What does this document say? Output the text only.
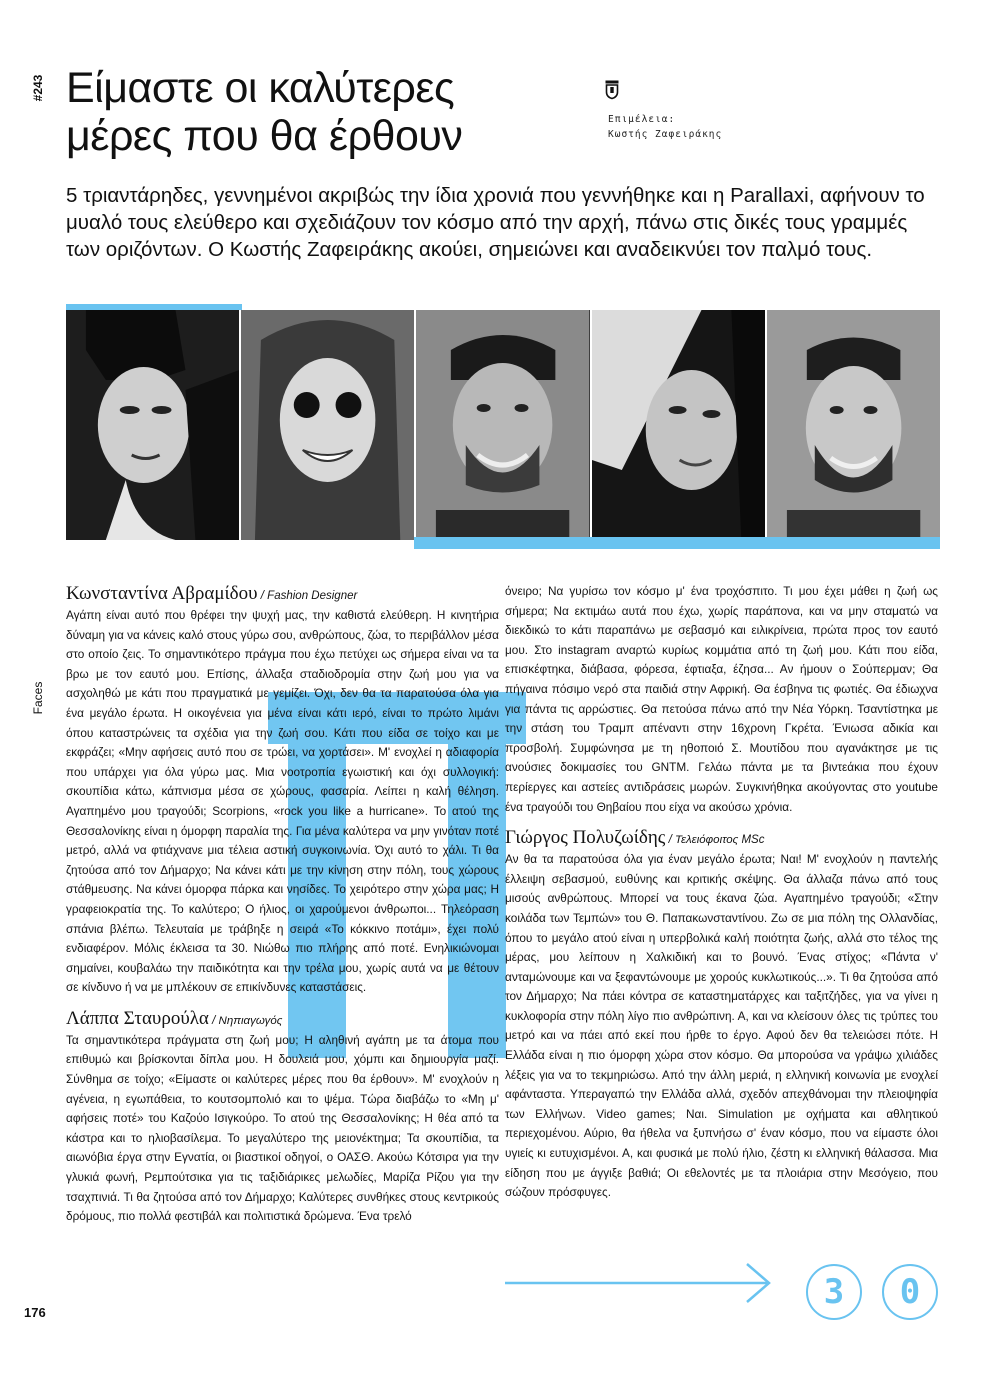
#243
Faces
176
Είμαστε οι καλύτερες
μέρες που θα έρθουν	Επιμέλεια:
Κωστής Ζαφειράκης

5 τριαντάρηδες, γεννημένοι ακριβώς την ίδια χρονιά που γεννήθηκε και η Parallaxi, αφήνουν το μυαλό τους ελεύθερο και σχεδιάζουν τον κόσμο από την αρχή, πάνω στις δικές τους γραμμές των οριζόντων. Ο Κωστής Ζαφειράκης ακούει, σημειώνει και αναδεικνύει τον παλμό τους.

Κωνσταντίνα Αβραμίδου / Fashion Designer

Αγάπη είναι αυτό που θρέφει την ψυχή μας, την καθιστά ελεύθερη. Η κινητήρια δύναμη για να κάνεις καλό στους γύρω σου, ανθρώπους, ζώα, το περιβάλλον μέσα στο οποίο ζεις. Το σημαντικότερο πράγμα που έχω πετύχει ως σήμερα είναι να τα βρω με τον εαυτό μου. Επίσης, άλλαξα σταδιοδρομία στην ζωή μου για να ασχοληθώ με κάτι που πραγματικά με γεμίζει. Όχι, δεν θα τα παρατούσα όλα για ένα μεγάλο έρωτα. Η οικογένεια για μένα είναι κάτι ιερό, είναι το πρώτο λιμάνι όπου καταστρώνεις τα σχέδια για την ζωή σου. Κάτι που είδα σε τοίχο και με εκφράζει; «Μην αφήσεις αυτό που σε τρώει, να χορτάσει». Μ' ενοχλεί η αδιαφορία που υπάρχει για όλα γύρω μας. Μια νοοτροπία εγωιστική και όχι συλλογική: σκουπίδια κάτω, κάπνισμα μέσα σε χώρους, φασαρία. Λείπει η καλή θέληση. Αγαπημένο μου τραγούδι; Scorpions, «rock you like a hurricane». Το ατού της Θεσσαλονίκης είναι η όμορφη παραλία της. Για μένα καλύτερα να μην γινόταν ποτέ μετρό, αλλά να φτιάχνανε μια τέλεια αστική συγκοινωνία. Όχι αυτό το χάλι. Τι θα ζητούσα από τον Δήμαρχο; Να κάνει κάτι με την κίνηση στην πόλη, τους χώρους στάθμευσης. Να κάνει όμορφα πάρκα και νησίδες. Το χειρότερο στην χώρα μας; Η γραφειοκρατία της. Το καλύτερο; Ο ήλιος, οι χαρούμενοι άνθρωποι... Τηλεόραση σπάνια βλέπω. Τελευταία με τράβηξε η σειρά «Το κόκκινο ποτάμι», έχει πολύ ενδιαφέρον. Μόλις έκλεισα τα 30. Νιώθω πιο πλήρης από ποτέ. Ενηλικιώνομαι σημαίνει, κουβαλάω την παιδικότητα και την τρέλα μου, χωρίς αυτά να με θέτουν σε κίνδυνο ή να με μπλέκουν σε επικίνδυνες καταστάσεις.

Λάππα Σταυρούλα / Νηπιαγωγός

Τα σημαντικότερα πράγματα στη ζωή μου; Η αληθινή αγάπη με τα άτομα που επιθυμώ και βρίσκονται δίπλα μου. Η δουλειά μου, χόμπι και δημιουργία μαζί. Σύνθημα σε τοίχο; «Είμαστε οι καλύτερες μέρες που θα έρθουν». Μ' ενοχλούν η αγένεια, η εγωπάθεια, το κουτσομπολιό και το ψέμα. Τώρα διαβάζω το «Μη μ' αφήσεις ποτέ» του Καζούο Ισιγκούρο. Το ατού της Θεσσαλονίκης; Η θέα από τα κάστρα και το ηλιοβασίλεμα. Το μεγαλύτερο της μειονέκτημα; Τα σκουπίδια, τα αιωνόβια έργα στην Εγνατία, οι βιαστικοί οδηγοί, ο ΟΑΣΘ. Ακούω Κότσιρα για την γλυκιά φωνή, Ρεμπούτσικα για τις ταξιδιάρικες μελωδίες, Μαρίζα Ρίζου για την τσαχπινιά. Τι θα ζητούσα από τον Δήμαρχο; Καλύτερες συνθήκες στους κεντρικούς δρόμους, πιο πολλά φεστιβάλ και πολιτιστικά δρώμενα. Ένα τρελό

όνειρο; Να γυρίσω τον κόσμο μ' ένα τροχόσπιτο. Τι μου έχει μάθει η ζωή ως σήμερα; Να εκτιμάω αυτά που έχω, χωρίς παράπονα, και να μην σταματώ να διεκδικώ το κάτι παραπάνω με σεβασμό και ειλικρίνεια, πρώτα προς τον εαυτό μου. Στο instagram αναρτώ κυρίως κομμάτια από τη ζωή μου. Κάτι που είδα, επισκέφτηκα, διάβασα, φόρεσα, έφτιαξα, έζησα... Αν ήμουν ο Σούπερμαν; Θα πήγαινα πόσιμο νερό στα παιδιά στην Αφρική. Θα έσβηνα τις φωτιές. Θα έδιωχνα για πάντα τις αρρώστιες. Θα πετούσα πάνω από την Νέα Υόρκη. Τσαντίστηκα με την στάση του Τραμπ απέναντι στην 16χρονη Γκρέτα. Ένιωσα αδικία και προσβολή. Συμφώνησα με τη ηθοποιό Σ. Μουτίδου που αγανάκτησε με τις ανούσιες δοκιμασίες του GNTM. Γελάω πάντα με τα βιντεάκια που έχουν περίεργες και αστείες αντιδράσεις μωρών. Συγκινήθηκα ακούγοντας στο youtube ένα τραγούδι του Θηβαίου που είχα να ακούσω χρόνια.

Γιώργος Πολυζωίδης / Τελειόφοιτος MSc

Αν θα τα παρατούσα όλα για έναν μεγάλο έρωτα; Ναι! Μ' ενοχλούν η παντελής έλλειψη σεβασμού, ευθύνης και κριτικής σκέψης. Θα άλλαζα πάνω από τους μισούς ανθρώπους. Μπορεί να τους έκανα ζώα. Αγαπημένο τραγούδι; «Στην κοιλάδα των Τεμπών» του Θ. Παπακωνσταντίνου. Ζω σε μια πόλη της Ολλανδίας, όπου το μεγάλο ατού είναι η υπερβολικά καλή ποιότητα ζωής, αλλά στο τέλος της μέρας, μου λείπουν η Χαλκιδική και το βουνό. Ένας στίχος; «Πάντα ν' ανταμώνουμε και να ξεφαντώνουμε με χορούς κυκλωτικούς...». Τι θα ζητούσα από τον Δήμαρχο; Να πάει κόντρα σε καταστηματάρχες και ταξιτζήδες, για να γίνει η κυκλοφορία στην πόλη λίγο πιο ανθρώπινη. Α, και να κλείσουν όλες τις τρύπες του μετρό και να πάει από εκεί που ήρθε το έργο. Αφού δεν θα τελειώσει πότε. Η Ελλάδα είναι η πιο όμορφη χώρα στον κόσμο. Θα μπορούσα να γράψω χιλιάδες λέξεις για να το τεκμηριώσω. Από την άλλη μεριά, η ελληνική κοινωνία με ενοχλεί αφάνταστα. Υπεραγαπώ την Ελλάδα αλλά, σχεδόν απεχθάνομαι την πλειοψηφία των Ελλήνων. Video games; Ναι. Simulation με οχήματα και αθλητικού περιεχομένου. Αύριο, θα ήθελα να ξυπνήσω σ' έναν κόσμο, που να είμαστε όλοι υγιείς κι ευτυχισμένοι. Α, και φυσικά με πολύ ήλιο, ζέστη κι ελληνική θάλασσα. Μια είδηση που με άγγιξε βαθιά; Οι εθελοντές με τα πλοιάρια στην Μεσόγειο, που σώζουν πρόσφυγες.

3	0
